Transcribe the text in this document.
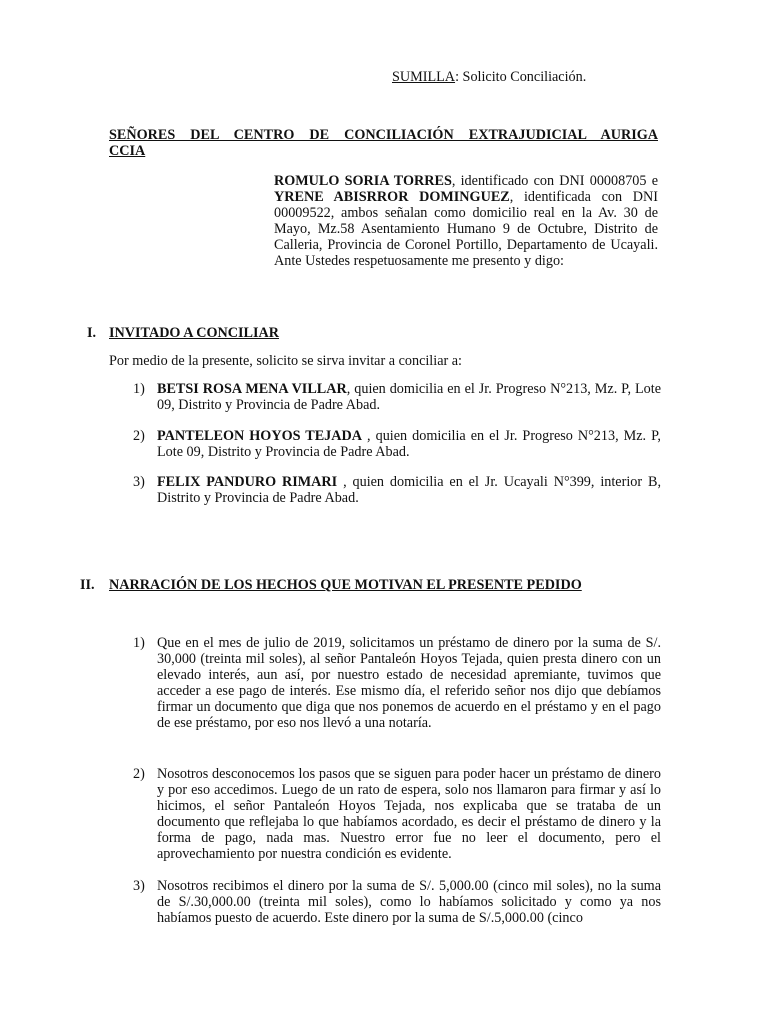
SUMILLA: Solicito Conciliación.
SEÑORES DEL CENTRO DE CONCILIACIÓN EXTRAJUDICIAL AURIGA
CCIA
ROMULO SORIA TORRES, identificado con DNI 00008705 e YRENE ABISRROR DOMINGUEZ, identificada con DNI 00009522, ambos señalan como domicilio real en la Av. 30 de Mayo, Mz.58 Asentamiento Humano 9 de Octubre, Distrito de Calleria, Provincia de Coronel Portillo, Departamento de Ucayali. Ante Ustedes respetuosamente me presento y digo:
I. INVITADO A CONCILIAR
Por medio de la presente, solicito se sirva invitar a conciliar a:
1) BETSI ROSA MENA VILLAR, quien domicilia en el Jr. Progreso N°213, Mz. P, Lote 09, Distrito y Provincia de Padre Abad.
2) PANTELEON HOYOS TEJADA , quien domicilia en el Jr. Progreso N°213, Mz. P, Lote 09, Distrito y Provincia de Padre Abad.
3) FELIX PANDURO RIMARI , quien domicilia en el Jr. Ucayali N°399, interior B, Distrito y Provincia de Padre Abad.
II. NARRACIÓN DE LOS HECHOS QUE MOTIVAN EL PRESENTE PEDIDO
1) Que en el mes de julio de 2019, solicitamos un préstamo de dinero por la suma de S/. 30,000 (treinta mil soles), al señor Pantaleón Hoyos Tejada, quien presta dinero con un elevado interés, aun así, por nuestro estado de necesidad apremiante, tuvimos que acceder a ese pago de interés. Ese mismo día, el referido señor nos dijo que debíamos firmar un documento que diga que nos ponemos de acuerdo en el préstamo y en el pago de ese préstamo, por eso nos llevó a una notaría.
2) Nosotros desconocemos los pasos que se siguen para poder hacer un préstamo de dinero y por eso accedimos. Luego de un rato de espera, solo nos llamaron para firmar y así lo hicimos, el señor Pantaleón Hoyos Tejada, nos explicaba que se trataba de un documento que reflejaba lo que habíamos acordado, es decir el préstamo de dinero y la forma de pago, nada mas. Nuestro error fue no leer el documento, pero el aprovechamiento por nuestra condición es evidente.
3) Nosotros recibimos el dinero por la suma de S/. 5,000.00 (cinco mil soles), no la suma de S/.30,000.00 (treinta mil soles), como lo habíamos solicitado y como ya nos habíamos puesto de acuerdo. Este dinero por la suma de S/.5,000.00 (cinco
